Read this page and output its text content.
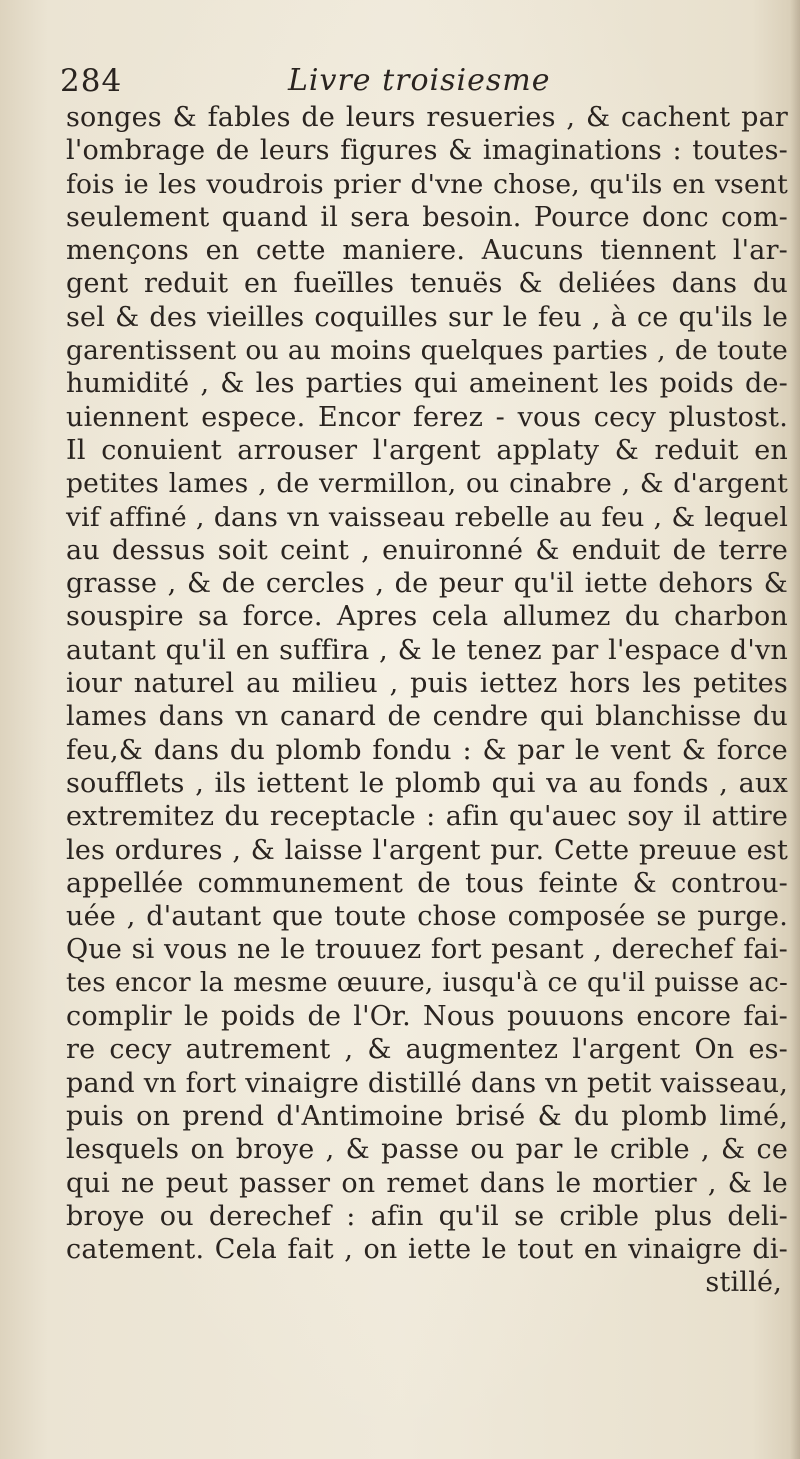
284	Livre troisiesme
songes & fables de leurs resueries , & cachent par
l'ombrage de leurs figures & imaginations : toutes-
fois ie les voudrois prier d'vne chose, qu'ils en vsent
seulement quand il sera besoin. Pource donc com-
mençons en cette maniere. Aucuns tiennent l'ar-
gent reduit en fueïlles tenuës & deliées dans du
sel & des vieilles coquilles sur le feu , à ce qu'ils le
garentissent ou au moins quelques parties , de toute
humidité , & les parties qui ameinent les poids de-
uiennent espece. Encor ferez - vous cecy plustost.
Il conuient arrouser l'argent applaty & reduit en
petites lames , de vermillon, ou cinabre , & d'argent
vif affiné , dans vn vaisseau rebelle au feu , & lequel
au dessus soit ceint , enuironné & enduit de terre
grasse , & de cercles , de peur qu'il iette dehors &
souspire sa force. Apres cela allumez du charbon
autant qu'il en suffira , & le tenez par l'espace d'vn
iour naturel au milieu , puis iettez hors les petites
lames dans vn canard de cendre qui blanchisse du
feu,& dans du plomb fondu : & par le vent & force
soufflets , ils iettent le plomb qui va au fonds , aux
extremitez du receptacle : afin qu'auec soy il attire
les ordures , & laisse l'argent pur. Cette preuue est
appellée communement de tous feinte & controu-
uée , d'autant que toute chose composée se purge.
Que si vous ne le trouuez fort pesant , derechef fai-
tes encor la mesme œuure, iusqu'à ce qu'il puisse ac-
complir le poids de l'Or. Nous pouuons encore fai-
re cecy autrement , & augmentez l'argent On es-
pand vn fort vinaigre distillé dans vn petit vaisseau,
puis on prend d'Antimoine brisé & du plomb limé,
lesquels on broye , & passe ou par le crible , & ce
qui ne peut passer on remet dans le mortier , & le
broye ou derechef : afin qu'il se crible plus deli-
catement. Cela fait , on iette le tout en vinaigre di-
stillé,
